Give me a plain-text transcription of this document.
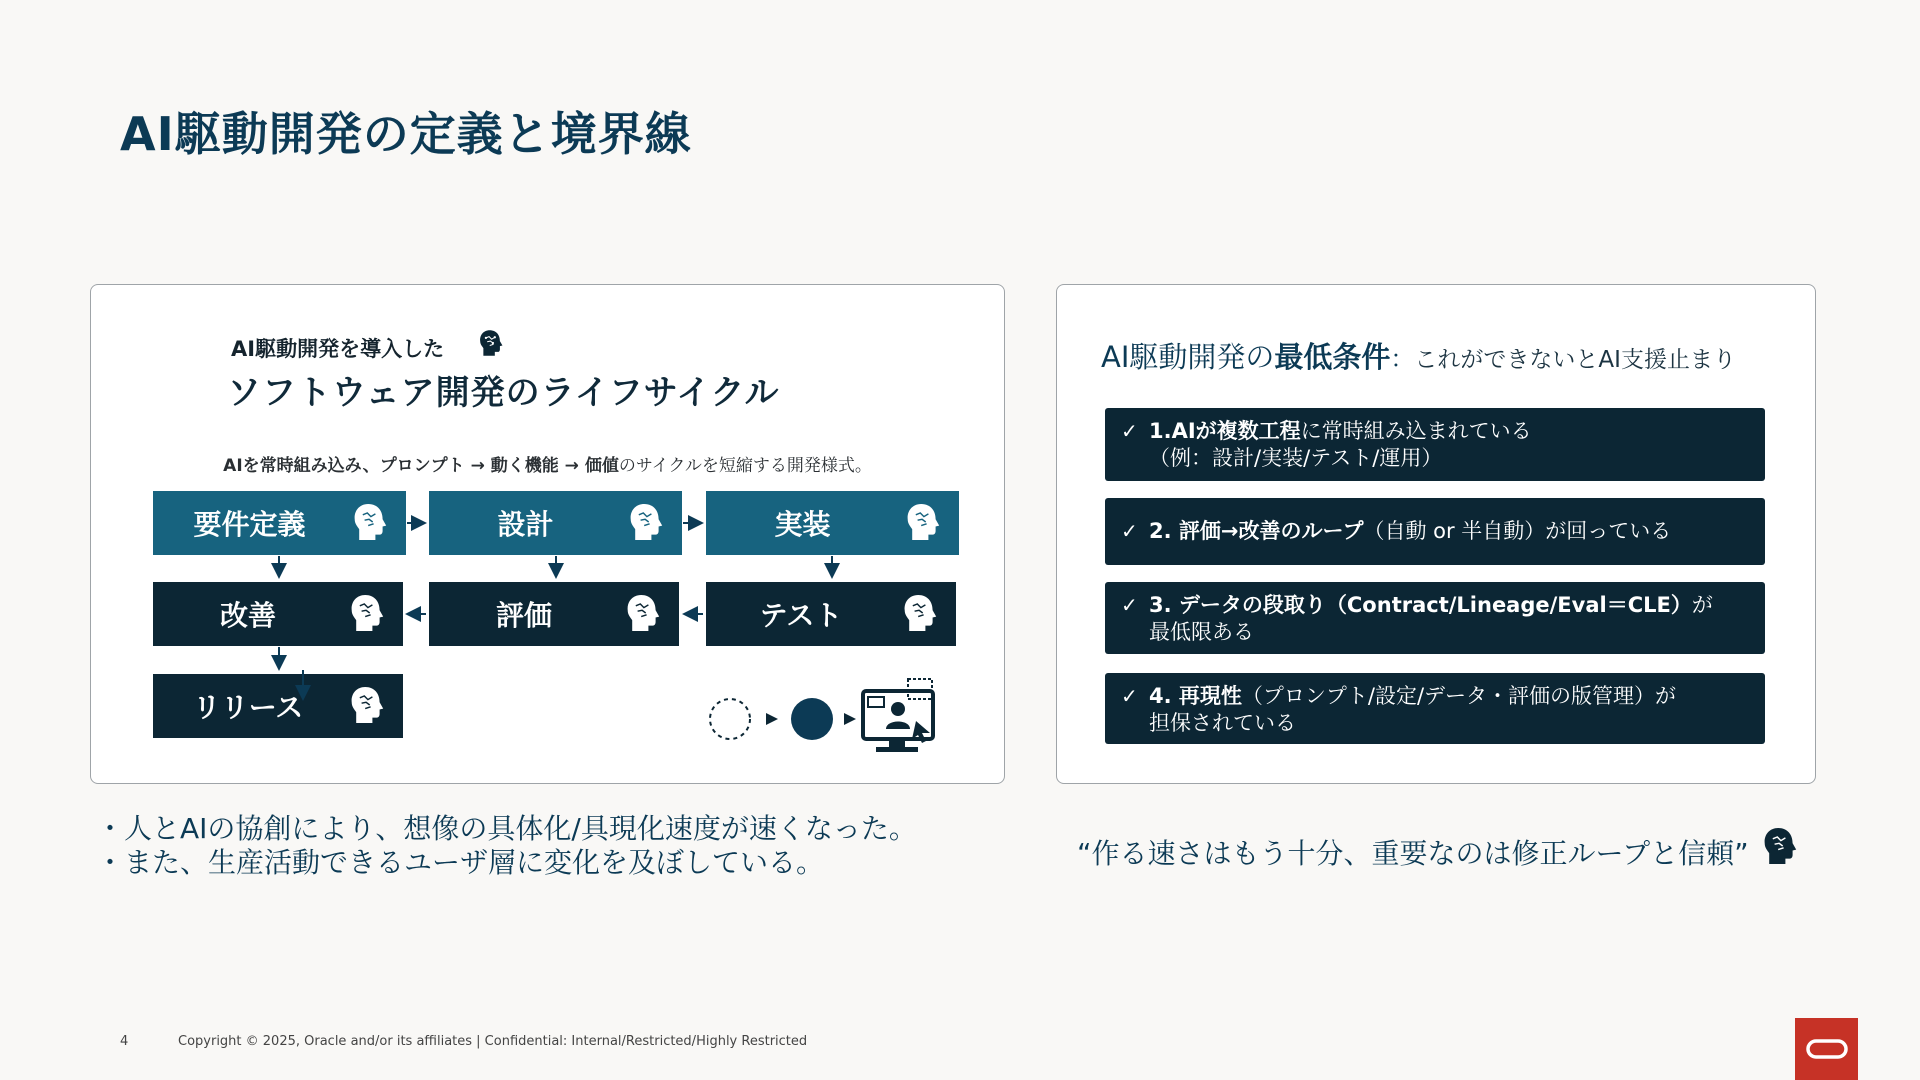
AI駆動開発の定義と境界線
AI駆動開発を導入した
ソフトウェア開発のライフサイクル
AIを常時組み込み、プロンプト → 動く機能 → 価値のサイクルを短縮する開発様式。
要件定義	設計	実装
改善	評価	テスト
リリース
AI駆動開発の最低条件：これができないとAI支援止まり
✓ 1.AIが複数工程に常時組み込まれている
（例：設計/実装/テスト/運用）
✓ 2. 評価→改善のループ（自動 or 半自動）が回っている
✓ 3. データの段取り（Contract/Lineage/Eval＝CLE）が
最低限ある
✓ 4. 再現性（プロンプト/設定/データ・評価の版管理）が
担保されている
・人とAIの協創により、想像の具体化/具現化速度が速くなった。
・また、生産活動できるユーザ層に変化を及ぼしている。	“作る速さはもう十分、重要なのは修正ループと信頼”
4	Copyright © 2025, Oracle and/or its affiliates | Confidential: Internal/Restricted/Highly Restricted
